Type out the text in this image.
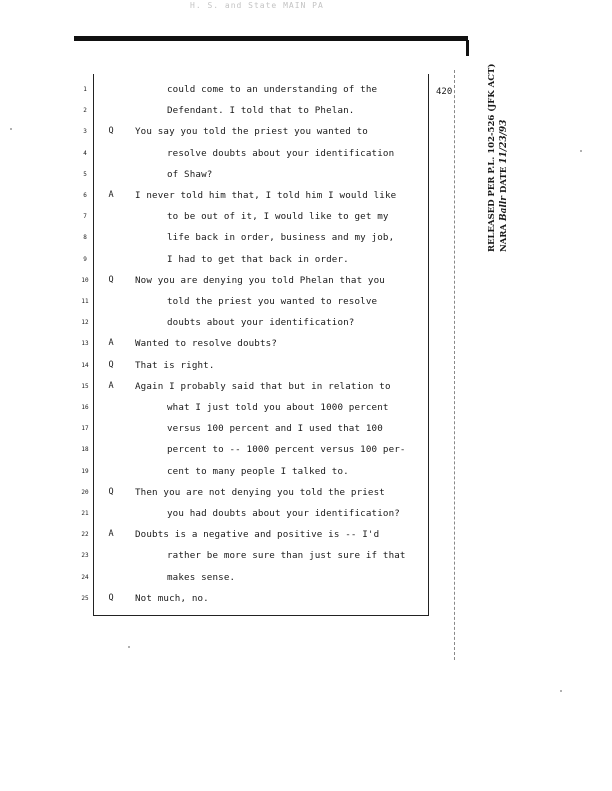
H. S. and State MAIN PA
420
1	could come to an understanding of the
2	Defendant. I told that to Phelan.
3	Q	You say you told the priest you wanted to
4	resolve doubts about your identification
5	of Shaw?
6	A	I never told him that, I told him I would like
7	to be out of it, I would like to get my
8	life back in order, business and my job,
9	I had to get that back in order.
10	Q	Now you are denying you told Phelan that you
11	told the priest you wanted to resolve
12	doubts about your identification?
13	A	Wanted to resolve doubts?
14	Q	That is right.
15	A	Again I probably said that but in relation to
16	what I just told you about 1000 percent
17	versus 100 percent and I used that 100
18	percent to -- 1000 percent versus 100 per-
19	cent to many people I talked to.
20	Q	Then you are not denying you told the priest
21	you had doubts about your identification?
22	A	Doubts is a negative and positive is -- I'd
23	rather be more sure than just sure if that
24	makes sense.
25	Q	Not much, no.
RELEASED PER P.L. 102-526 (JFK ACT) NARA Ballr DATE 11/23/93
